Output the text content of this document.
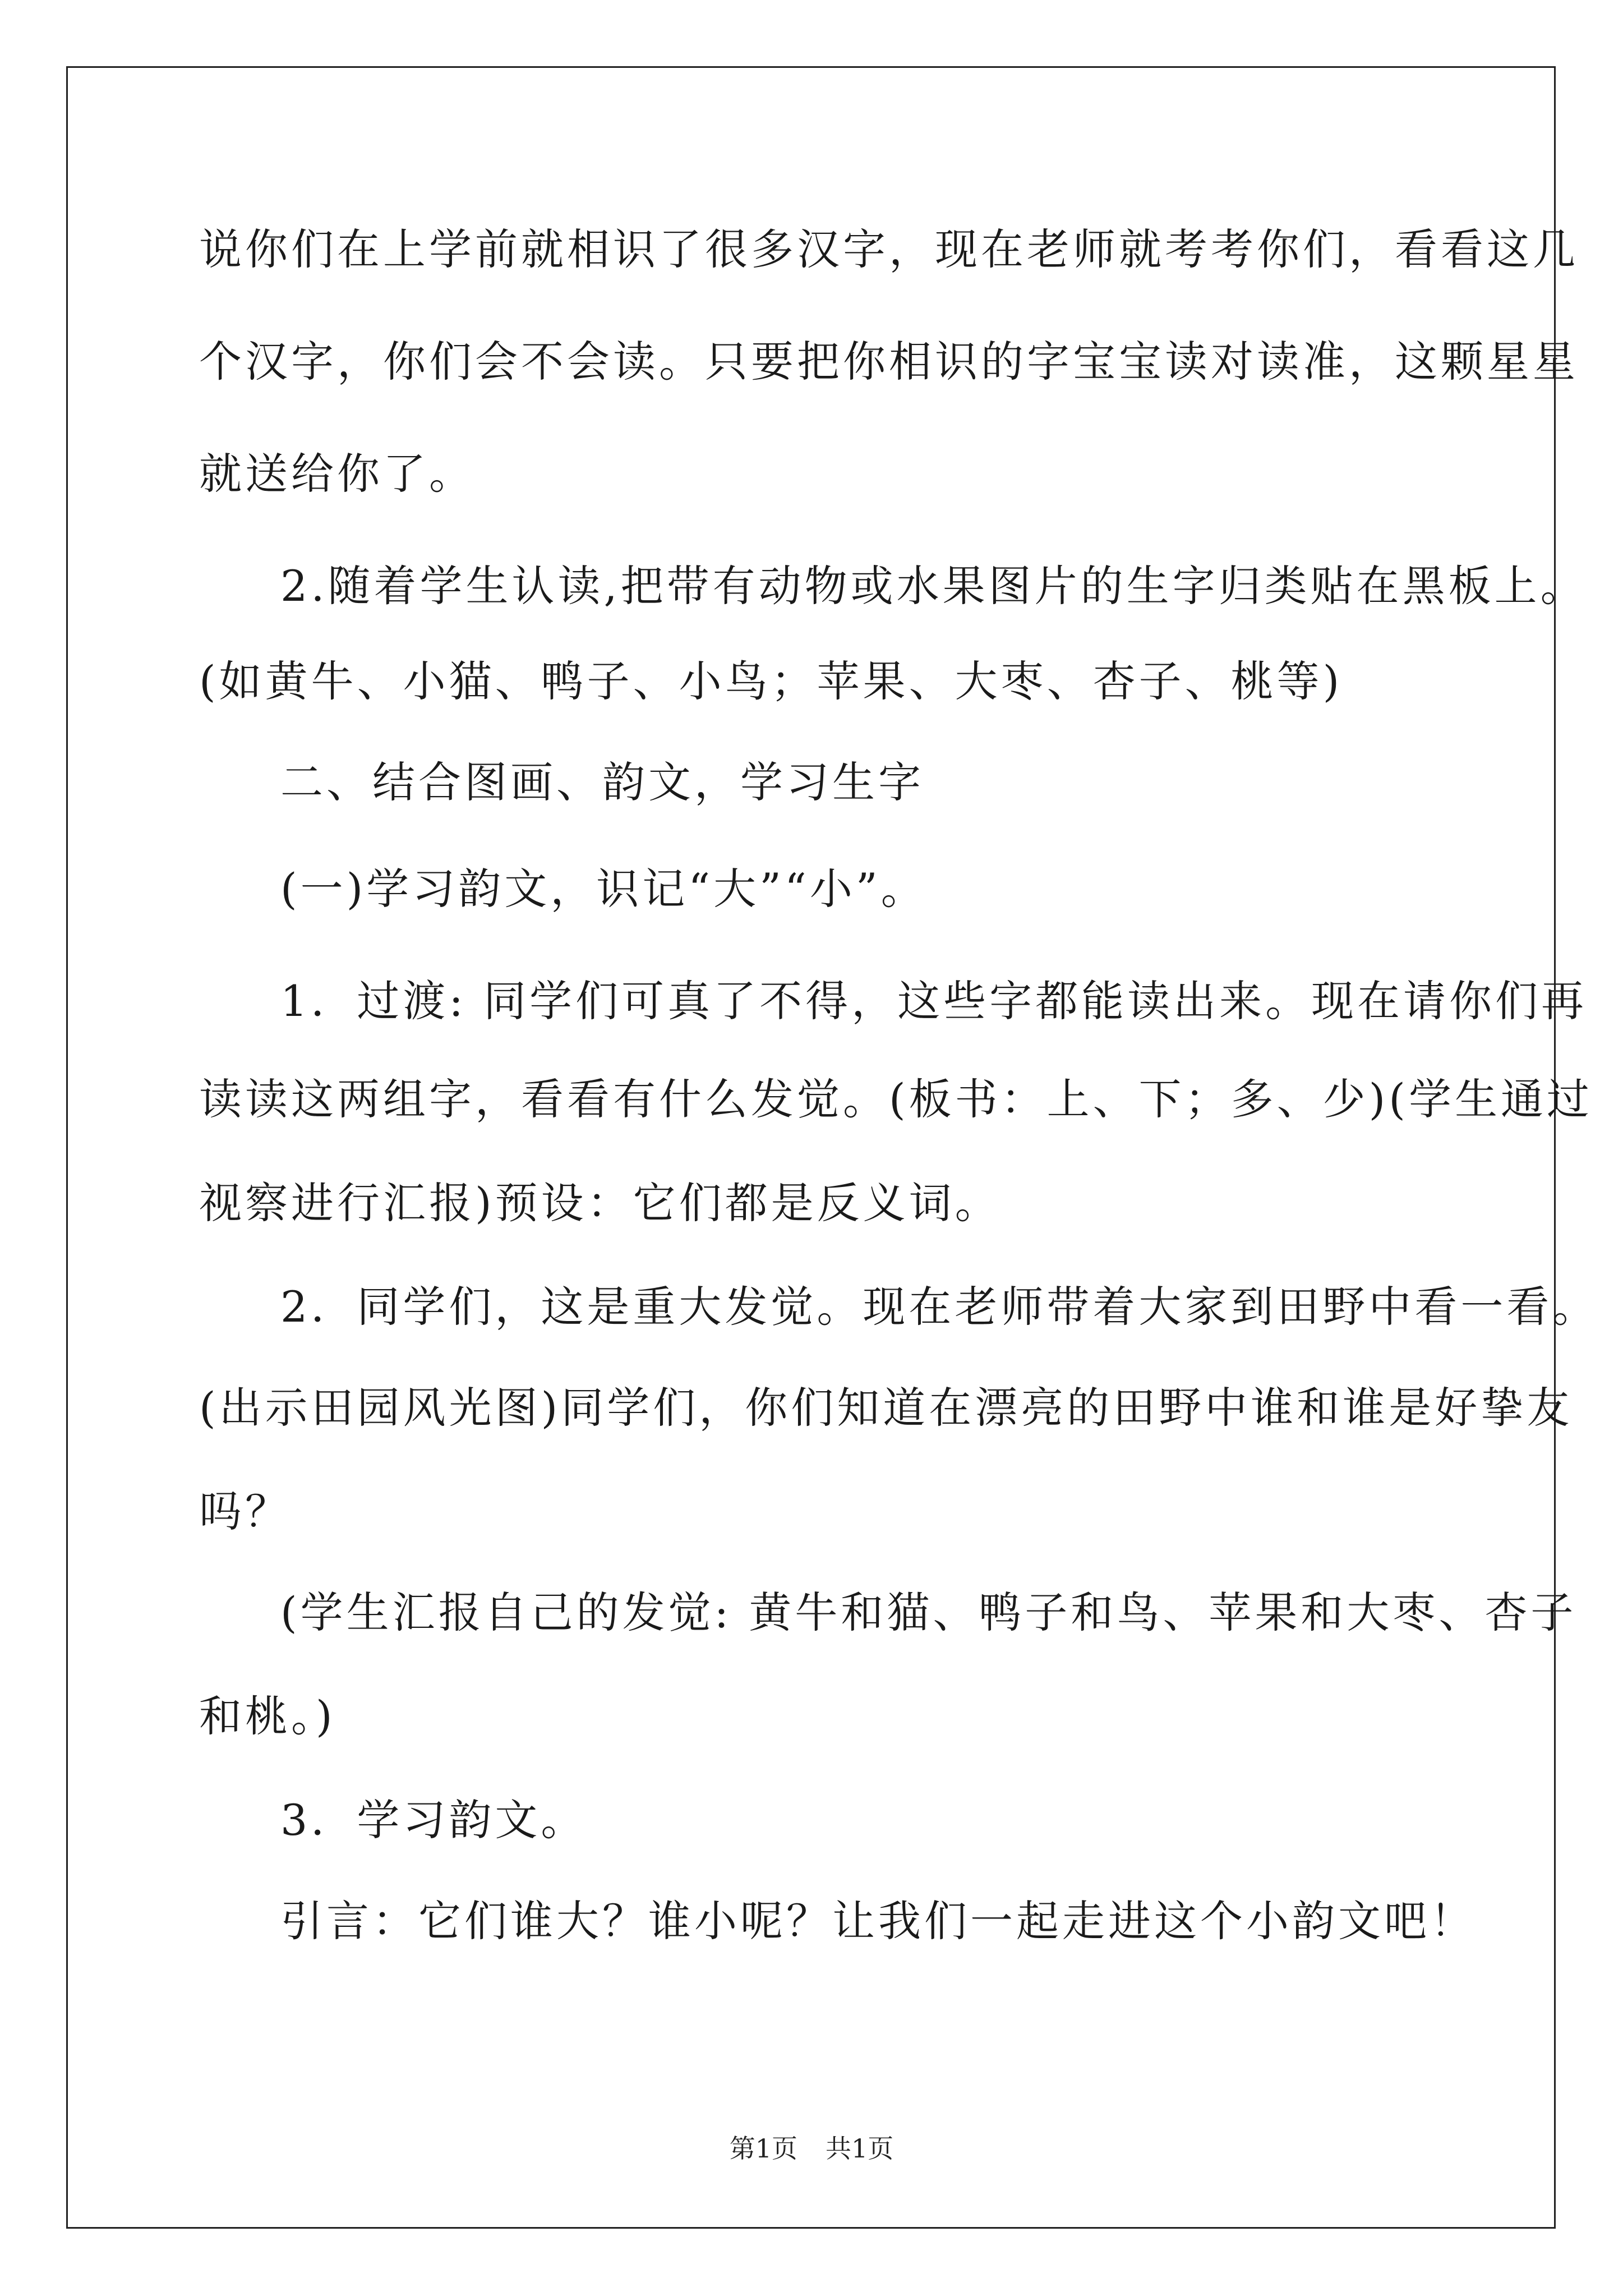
说你们在上学前就相识了很多汉字，现在老师就考考你们，看看这几
个汉字，你们会不会读。只要把你相识的字宝宝读对读准，这颗星星
就送给你了。
2.随着学生认读,把带有动物或水果图片的生字归类贴在黑板上。
(如黄牛、小猫、鸭子、小鸟；苹果、大枣、杏子、桃等)
二、结合图画、韵文，学习生字
(一)学习韵文，识记“大”“小”。
1．过渡: 同学们可真了不得，这些字都能读出来。现在请你们再
读读这两组字，看看有什么发觉。(板书：上、下；多、少)(学生通过
视察进行汇报)预设：它们都是反义词。
2．同学们，这是重大发觉。现在老师带着大家到田野中看一看。
(出示田园风光图)同学们，你们知道在漂亮的田野中谁和谁是好挚友
吗？
(学生汇报自己的发觉: 黄牛和猫、鸭子和鸟、苹果和大枣、杏子
和桃。)
3．学习韵文。
引言：它们谁大？谁小呢？让我们一起走进这个小韵文吧！
第1页 共1页
